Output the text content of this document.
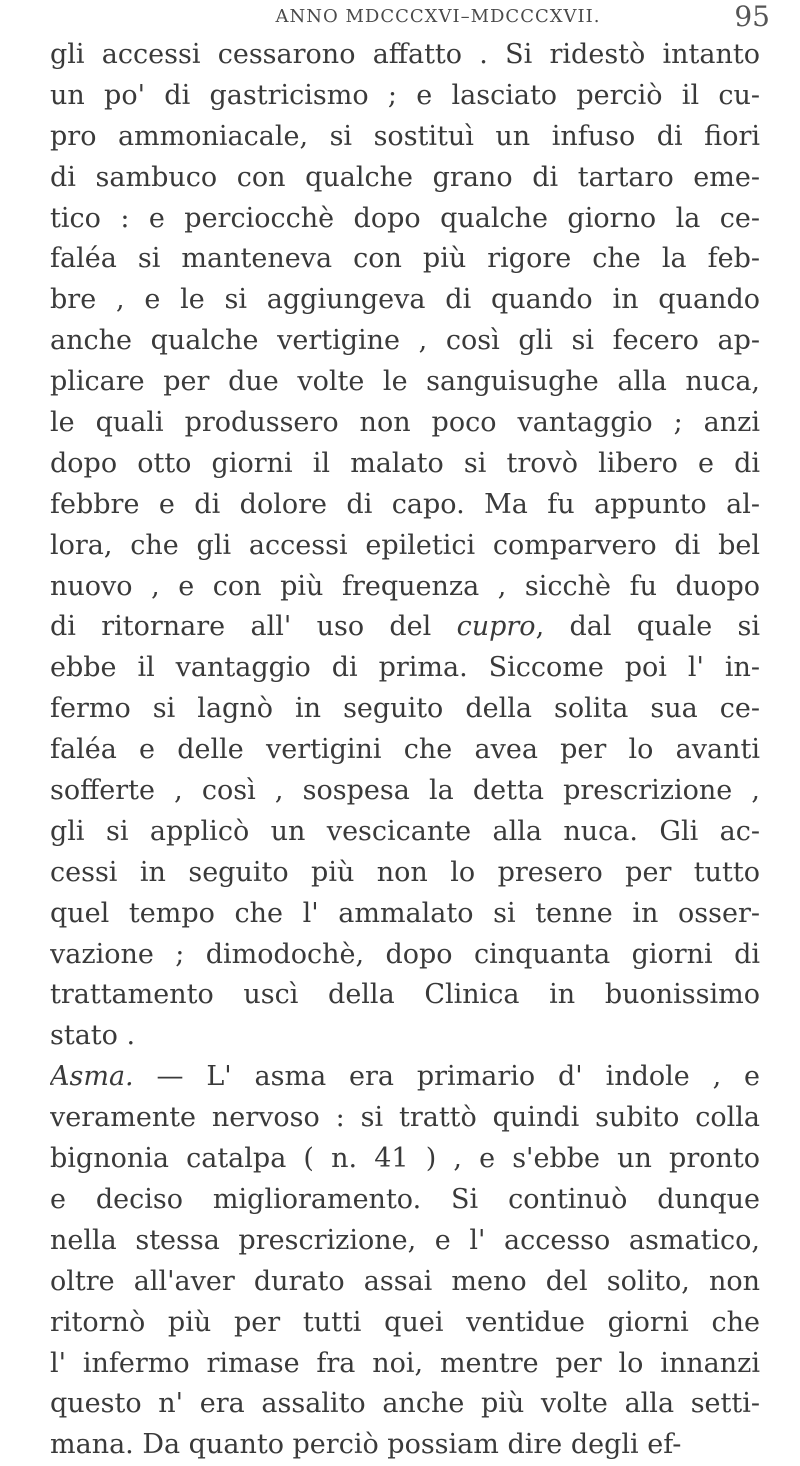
ANNO MDCCCXVI–MDCCCXVII.	95
gli accessi cessarono affatto . Si ridestò intanto
un po' di gastricismo ; e lasciato perciò il cu-
pro ammoniacale, si sostituì un infuso di fiori
di sambuco con qualche grano di tartaro eme-
tico : e perciocchè dopo qualche giorno la ce-
faléa si manteneva con più rigore che la feb-
bre , e le si aggiungeva di quando in quando
anche qualche vertigine , così gli si fecero ap-
plicare per due volte le sanguisughe alla nuca,
le quali produssero non poco vantaggio ; anzi
dopo otto giorni il malato si trovò libero e di
febbre e di dolore di capo. Ma fu appunto al-
lora, che gli accessi epiletici comparvero di bel
nuovo , e con più frequenza , sicchè fu duopo
di ritornare all' uso del cupro, dal quale si
ebbe il vantaggio di prima. Siccome poi l' in-
fermo si lagnò in seguito della solita sua ce-
faléa e delle vertigini che avea per lo avanti
sofferte , così , sospesa la detta prescrizione ,
gli si applicò un vescicante alla nuca. Gli ac-
cessi in seguito più non lo presero per tutto
quel tempo che l' ammalato si tenne in osser-
vazione ; dimodochè, dopo cinquanta giorni di
trattamento uscì della Clinica in buonissimo
stato .
Asma. — L' asma era primario d' indole , e
veramente nervoso : si trattò quindi subito colla
bignonia catalpa ( n. 41 ) , e s'ebbe un pronto
e deciso miglioramento. Si continuò dunque
nella stessa prescrizione, e l' accesso asmatico,
oltre all'aver durato assai meno del solito, non
ritornò più per tutti quei ventidue giorni che
l' infermo rimase fra noi, mentre per lo innanzi
questo n' era assalito anche più volte alla setti-
mana. Da quanto perciò possiam dire degli ef-
